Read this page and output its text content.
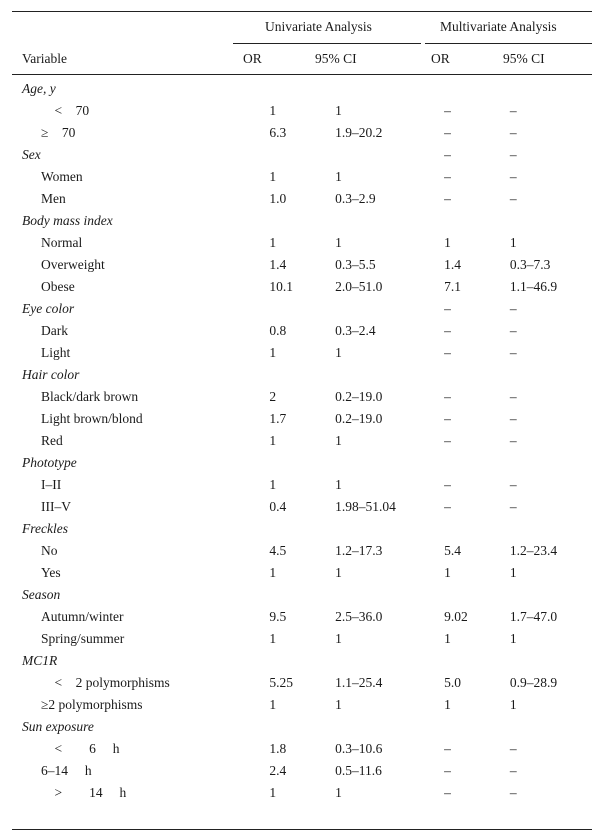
Univariate Analysis	Multivariate Analysis
Variable	OR	95% CI	OR	95% CI
Age, y				
<    70	1	1	–	–
≥    70	6.3	1.9–20.2	–	–
Sex			–	–
Women	1	1	–	–
Men	1.0	0.3–2.9	–	–
Body mass index				
Normal	1	1	1	1
Overweight	1.4	0.3–5.5	1.4	0.3–7.3
Obese	10.1	2.0–51.0	7.1	1.1–46.9
Eye color			–	–
Dark	0.8	0.3–2.4	–	–
Light	1	1	–	–
Hair color				
Black/dark brown	2	0.2–19.0	–	–
Light brown/blond	1.7	0.2–19.0	–	–
Red	1	1	–	–
Phototype				
I–II	1	1	–	–
III–V	0.4	1.98–51.04	–	–
Freckles				
No	4.5	1.2–17.3	5.4	1.2–23.4
Yes	1	1	1	1
Season				
Autumn/winter	9.5	2.5–36.0	9.02	1.7–47.0
Spring/summer	1	1	1	1
MC1R				
<    2 polymorphisms	5.25	1.1–25.4	5.0	0.9–28.9
≥2 polymorphisms	1	1	1	1
Sun exposure				
<        6     h	1.8	0.3–10.6	–	–
6–14     h	2.4	0.5–11.6	–	–
>        14     h	1	1	–	–
